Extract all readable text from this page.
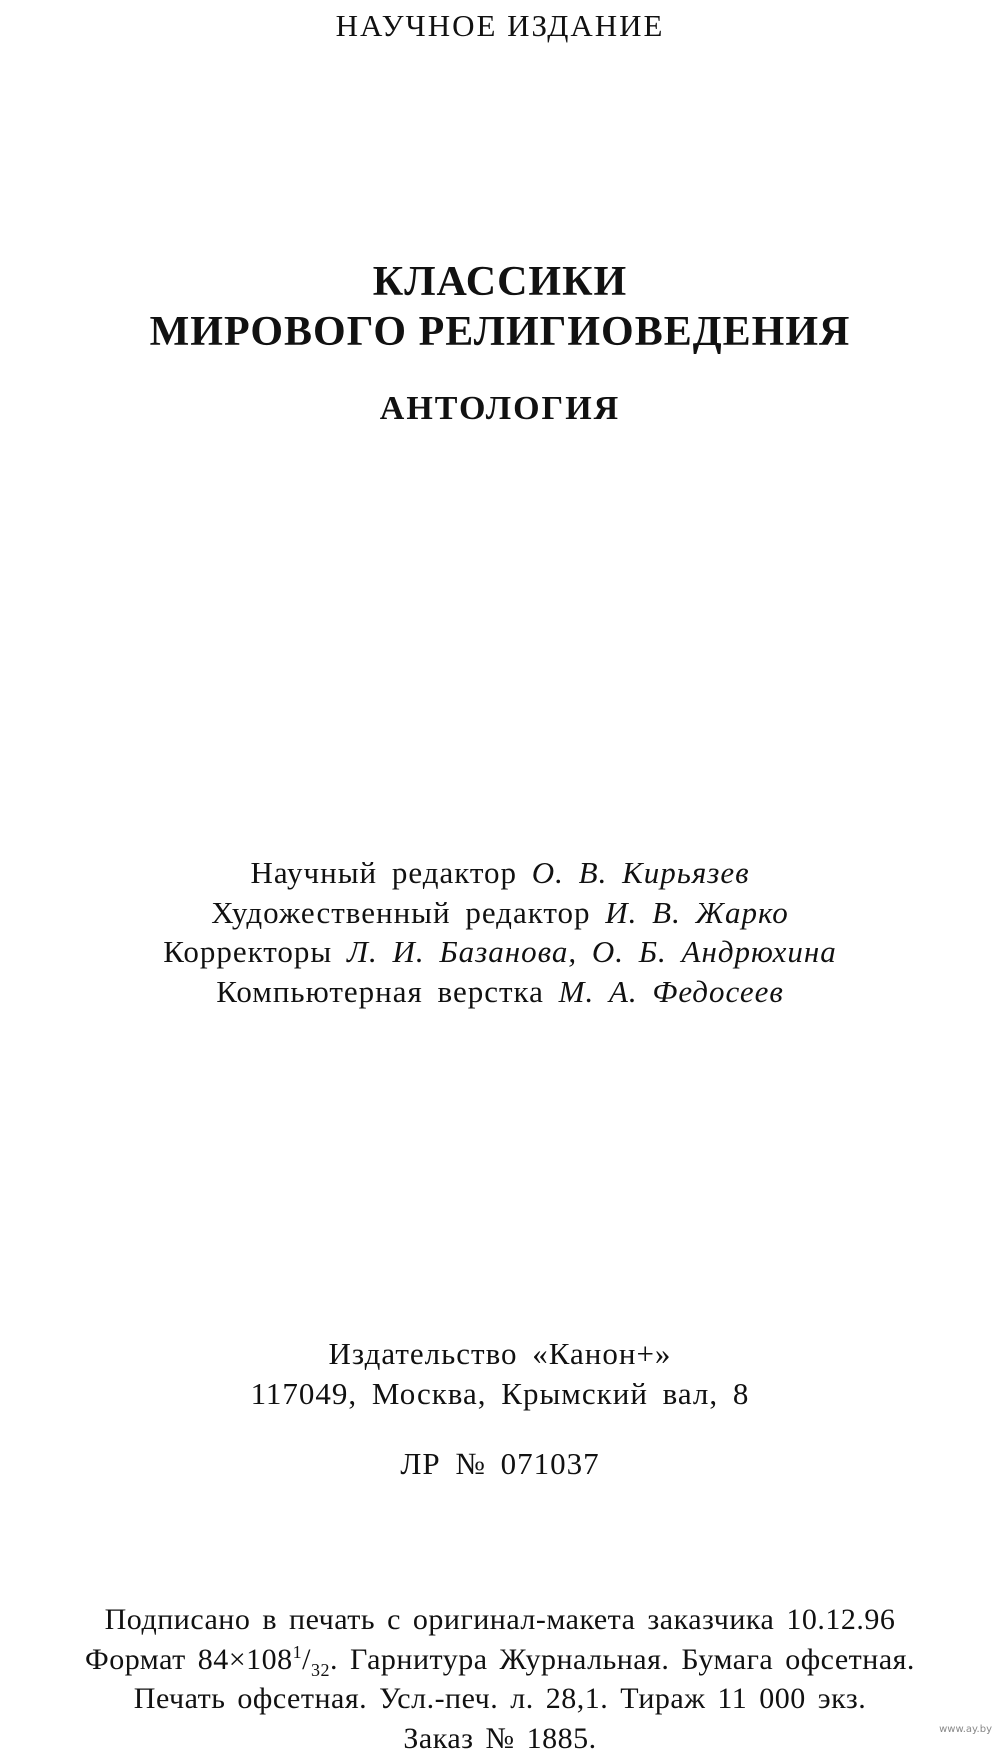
НАУЧНОЕ ИЗДАНИЕ
КЛАССИКИ
МИРОВОГО РЕЛИГИОВЕДЕНИЯ
АНТОЛОГИЯ
Научный редактор О. В. Кирьязев
Художественный редактор И. В. Жарко
Корректоры Л. И. Базанова, О. Б. Андрюхина
Компьютерная верстка М. А. Федосеев
Издательство «Канон+»
117049, Москва, Крымский вал, 8
ЛР № 071037
Подписано в печать с оригинал-макета заказчика 10.12.96
Формат $84\times 108^1/_{32}$. Гарнитура Журнальная. Бумага офсетная.
Печать офсетная. Усл.-печ. л. 28,1. Тираж 11 000 экз.
Заказ № 1885.	www.ay.by
